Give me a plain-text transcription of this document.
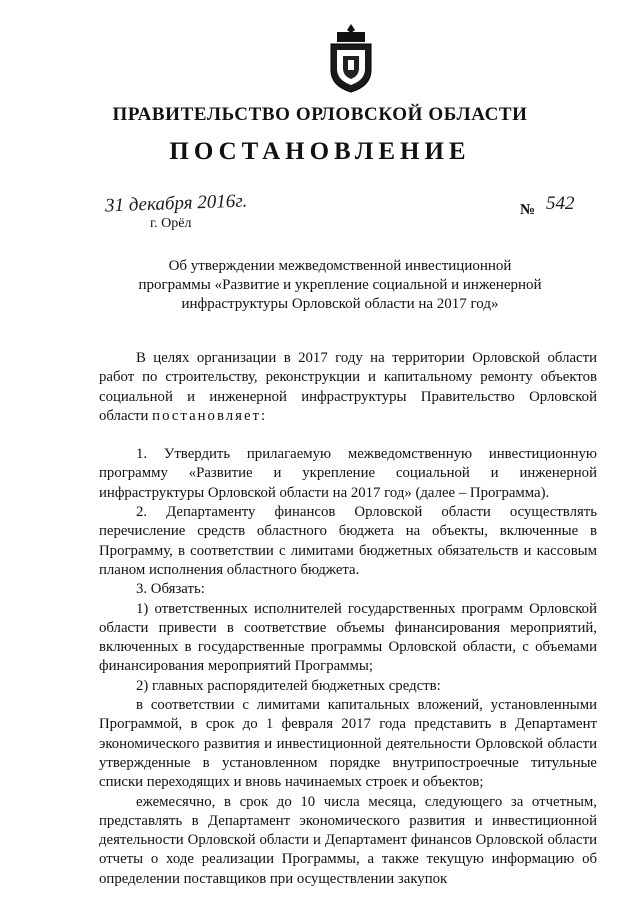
ПРАВИТЕЛЬСТВО ОРЛОВСКОЙ ОБЛАСТИ
ПОСТАНОВЛЕНИЕ
31 декабря 2016г.
г. Орёл
№ 542
Об утверждении межведомственной инвестиционной
программы «Развитие и укрепление социальной и инженерной
инфраструктуры Орловской области на 2017 год»

В целях организации в 2017 году на территории Орловской области работ по строительству, реконструкции и капитальному ремонту объектов социальной и инженерной инфраструктуры Правительство Орловской области постановляет:

1. Утвердить прилагаемую межведомственную инвестиционную программу «Развитие и укрепление социальной и инженерной инфраструктуры Орловской области на 2017 год» (далее – Программа).

2. Департаменту финансов Орловской области осуществлять перечисление средств областного бюджета на объекты, включенные в Программу, в соответствии с лимитами бюджетных обязательств и кассовым планом исполнения областного бюджета.

3. Обязать:

1) ответственных исполнителей государственных программ Орловской области привести в соответствие объемы финансирования мероприятий, включенных в государственные программы Орловской области, с объемами финансирования мероприятий Программы;

2) главных распорядителей бюджетных средств:

в соответствии с лимитами капитальных вложений, установленными Программой, в срок до 1 февраля 2017 года представить в Департамент экономического развития и инвестиционной деятельности Орловской области утвержденные в установленном порядке внутрипостроечные титульные списки переходящих и вновь начинаемых строек и объектов;

ежемесячно, в срок до 10 числа месяца, следующего за отчетным, представлять в Департамент экономического развития и инвестиционной деятельности Орловской области и Департамент финансов Орловской области отчеты о ходе реализации Программы, а также текущую информацию об определении поставщиков при осуществлении закупок
